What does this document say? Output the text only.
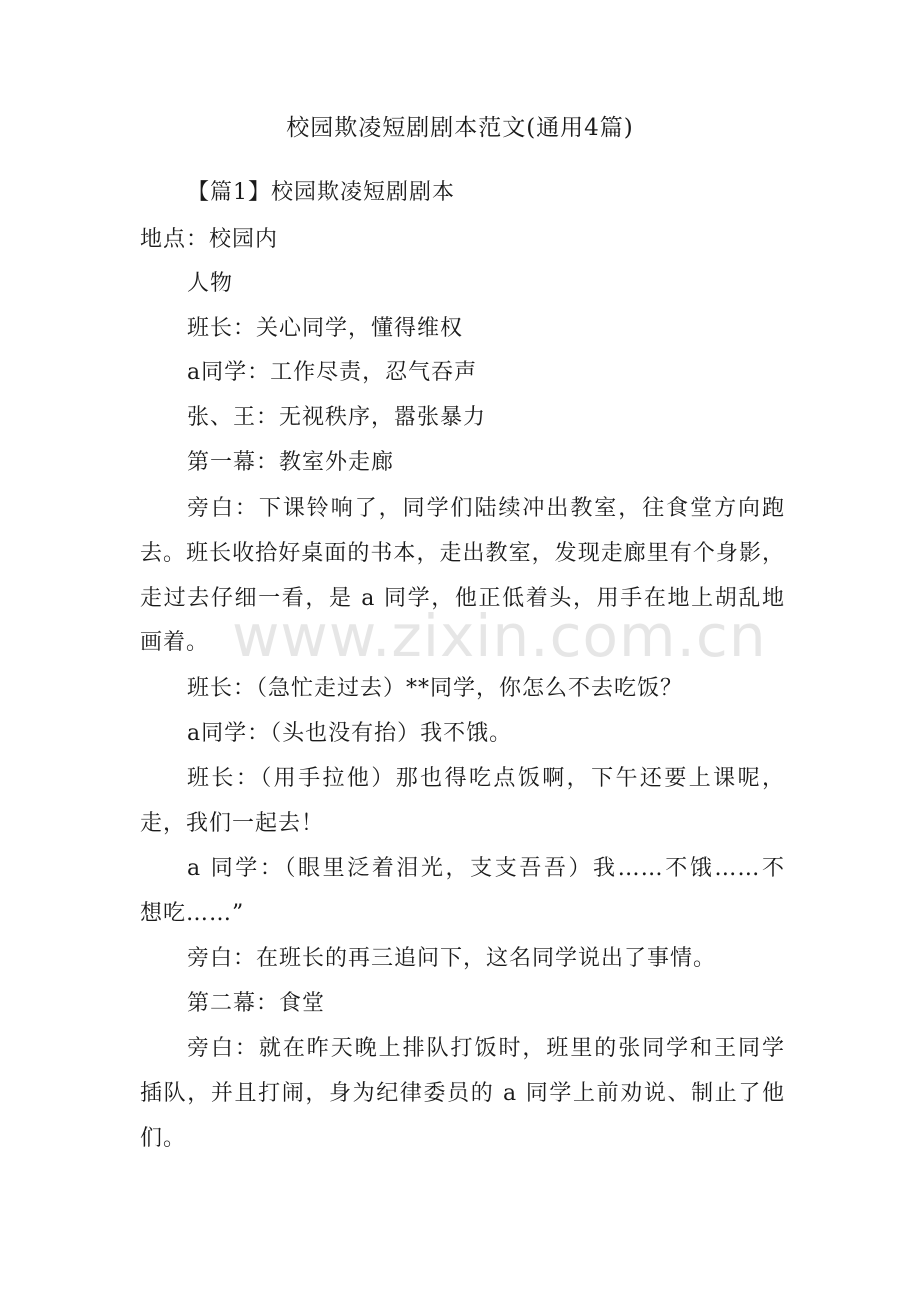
校园欺凌短剧剧本范文(通用4篇)
【篇1】校园欺凌短剧剧本
地点：校园内
人物
班长：关心同学，懂得维权
a同学：工作尽责，忍气吞声
张、王：无视秩序，嚣张暴力
第一幕：教室外走廊
旁白：下课铃响了，同学们陆续冲出教室，往食堂方向跑
去。班长收拾好桌面的书本，走出教室，发现走廊里有个身影，
走过去仔细一看，是 a 同学，他正低着头，用手在地上胡乱地
画着。
班长：（急忙走过去）**同学，你怎么不去吃饭？
a同学：（头也没有抬）我不饿。
班长：（用手拉他）那也得吃点饭啊，下午还要上课呢，
走，我们一起去！
a 同学：（眼里泛着泪光，支支吾吾）我……不饿……不
想吃……”
旁白：在班长的再三追问下，这名同学说出了事情。
第二幕：食堂
旁白：就在昨天晚上排队打饭时，班里的张同学和王同学
插队，并且打闹，身为纪律委员的 a 同学上前劝说、制止了他
们。
www.zixin.com.cn
